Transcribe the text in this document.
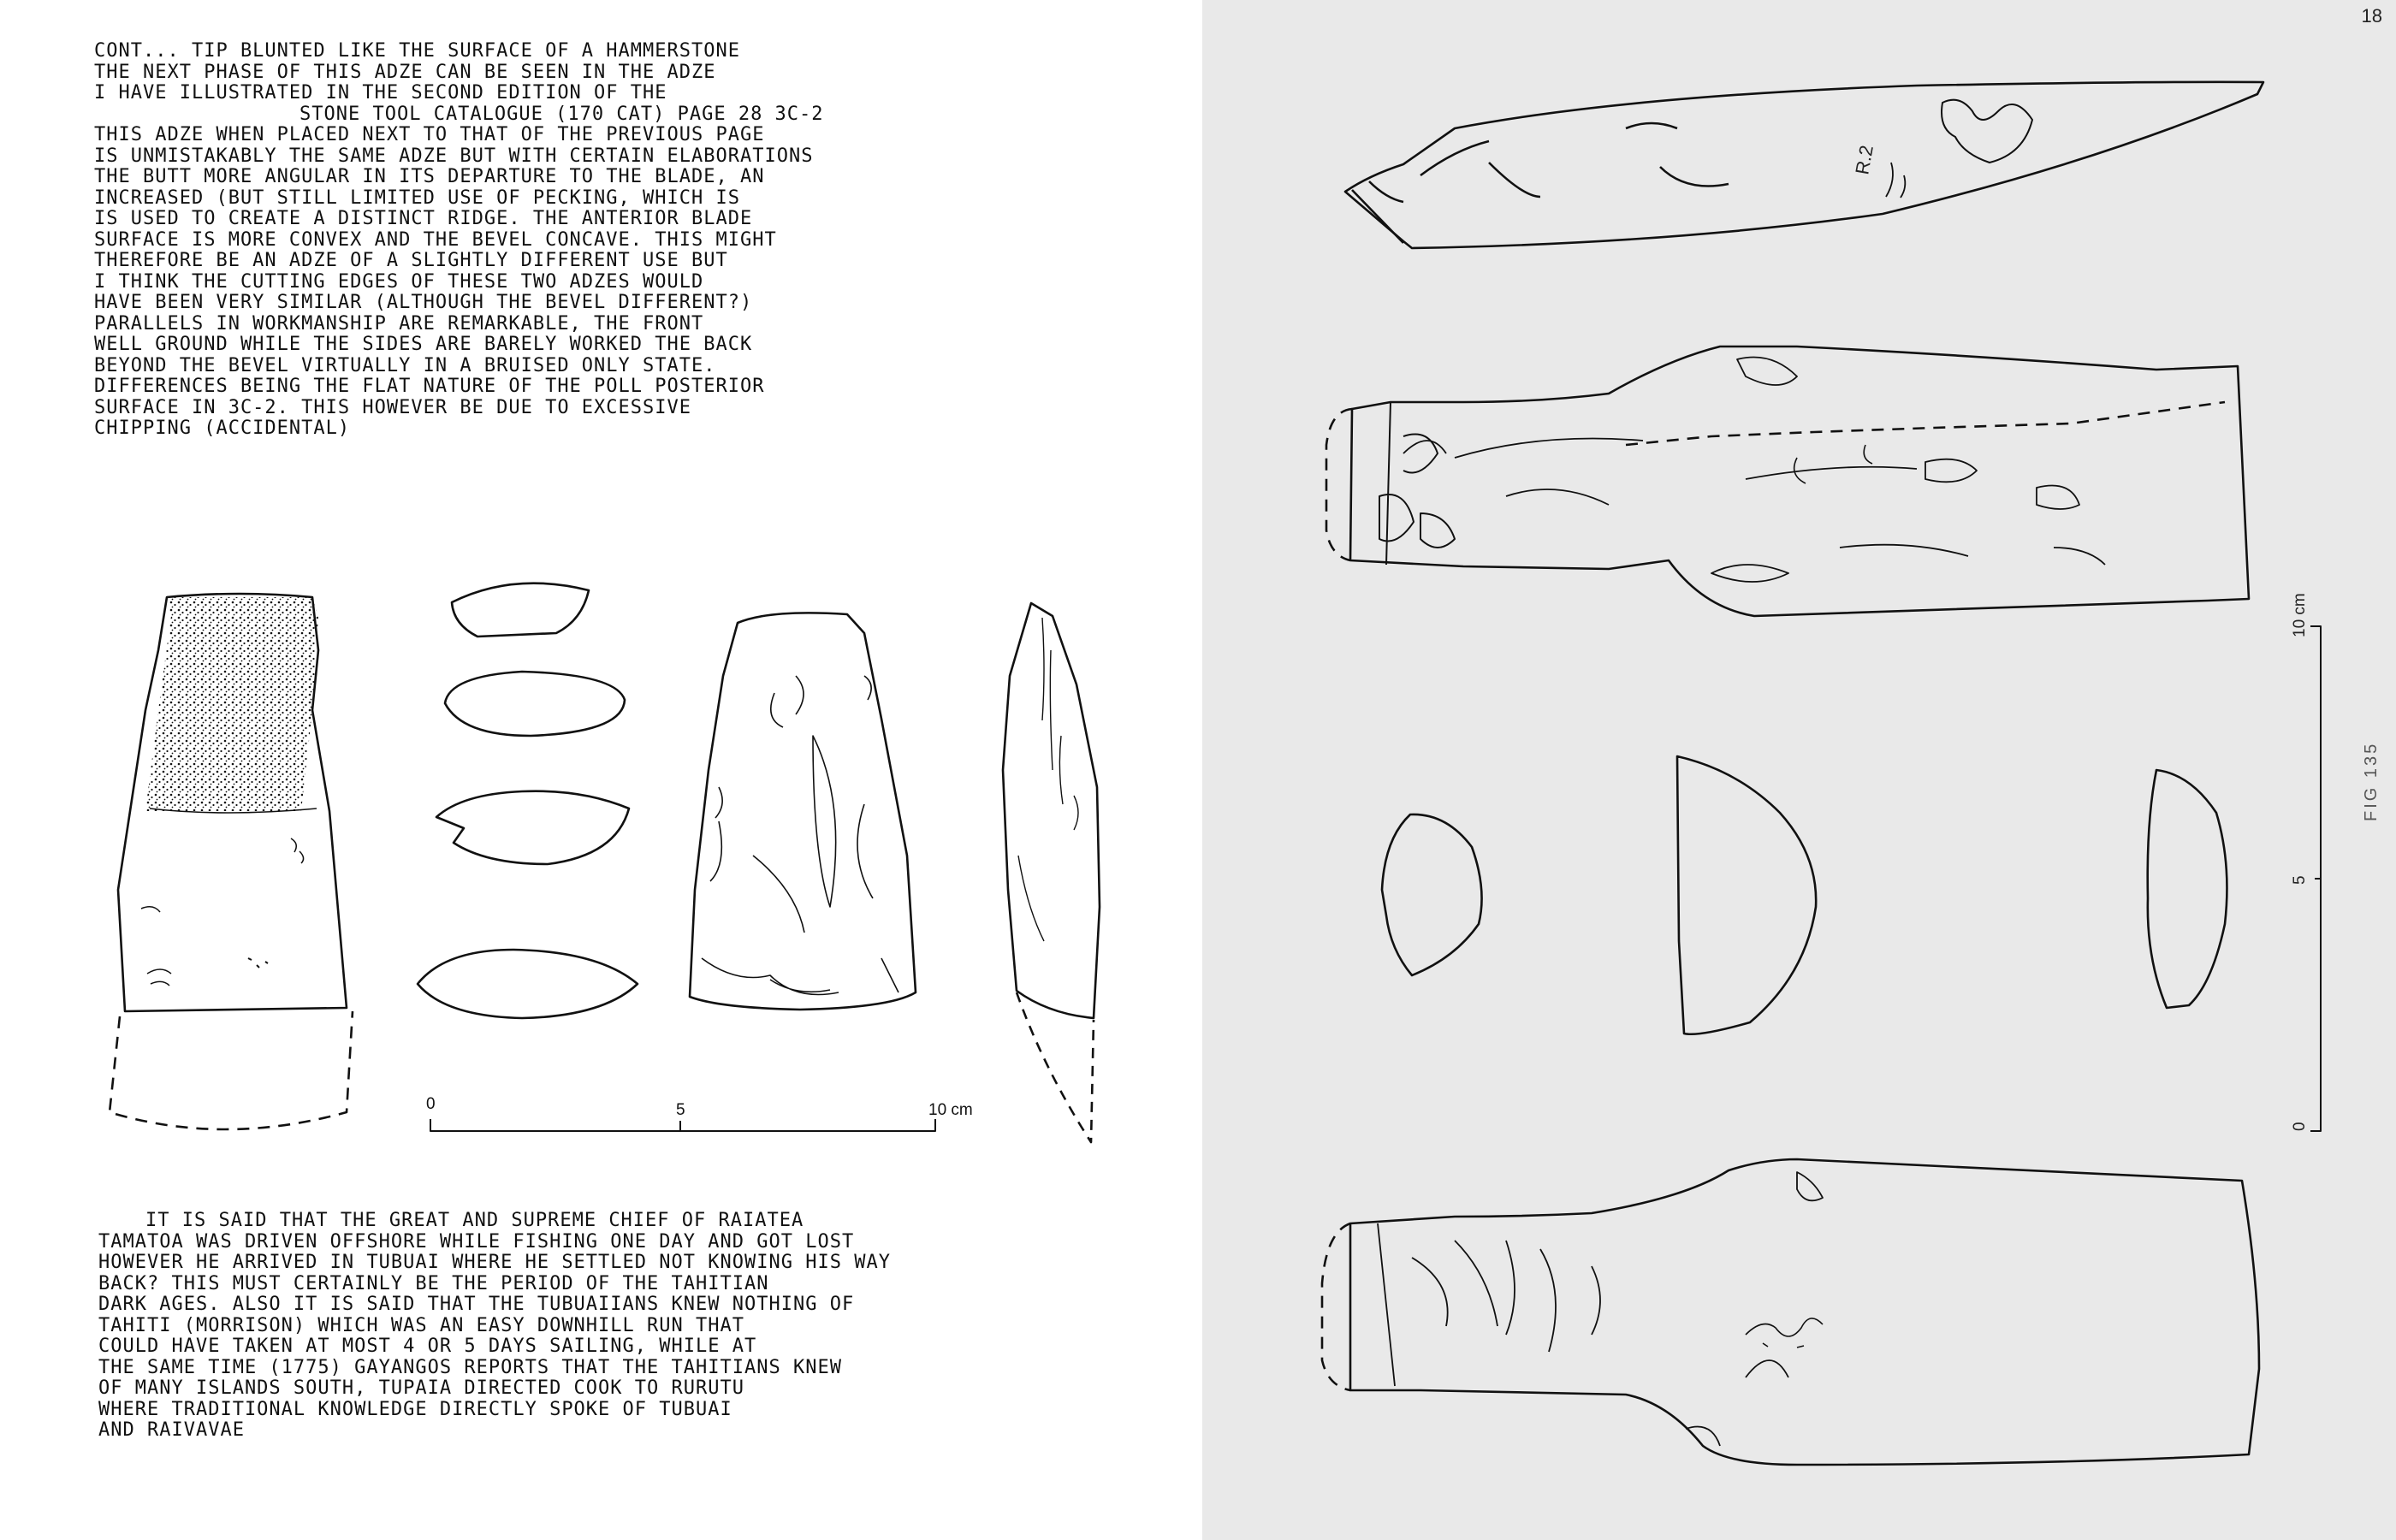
CONT... TIP BLUNTED LIKE THE SURFACE OF A HAMMERSTONE
THE NEXT PHASE OF THIS ADZE CAN BE SEEN IN THE ADZE
I HAVE ILLUSTRATED IN THE SECOND EDITION OF THE
STONE TOOL CATALOGUE (170 CAT) PAGE 28 3C-2
THIS ADZE WHEN PLACED NEXT TO THAT OF THE PREVIOUS PAGE
IS UNMISTAKABLY THE SAME ADZE BUT WITH CERTAIN ELABORATIONS
THE BUTT MORE ANGULAR IN ITS DEPARTURE TO THE BLADE, AN
INCREASED (BUT STILL LIMITED USE OF PECKING, WHICH IS
IS USED TO CREATE A DISTINCT RIDGE. THE ANTERIOR BLADE
SURFACE IS MORE CONVEX AND THE BEVEL CONCAVE. THIS MIGHT
THEREFORE BE AN ADZE OF A SLIGHTLY DIFFERENT USE BUT
I THINK THE CUTTING EDGES OF THESE TWO ADZES WOULD
HAVE BEEN VERY SIMILAR (ALTHOUGH THE BEVEL DIFFERENT?)
PARALLELS IN WORKMANSHIP ARE REMARKABLE, THE FRONT
WELL GROUND WHILE THE SIDES ARE BARELY WORKED THE BACK
BEYOND THE BEVEL VIRTUALLY IN A BRUISED ONLY STATE.
DIFFERENCES BEING THE FLAT NATURE OF THE POLL POSTERIOR
SURFACE IN 3C-2. THIS HOWEVER BE DUE TO EXCESSIVE
CHIPPING (ACCIDENTAL)
0	5	10 cm
IT IS SAID THAT THE GREAT AND SUPREME CHIEF OF RAIATEA
TAMATOA WAS DRIVEN OFFSHORE WHILE FISHING ONE DAY AND GOT LOST
HOWEVER HE ARRIVED IN TUBUAI WHERE HE SETTLED NOT KNOWING HIS WAY
BACK? THIS MUST CERTAINLY BE THE PERIOD OF THE TAHITIAN
DARK AGES. ALSO IT IS SAID THAT THE TUBUAIIANS KNEW NOTHING OF
TAHITI (MORRISON) WHICH WAS AN EASY DOWNHILL RUN THAT
COULD HAVE TAKEN AT MOST 4 OR 5 DAYS SAILING, WHILE AT
THE SAME TIME (1775) GAYANGOS REPORTS THAT THE TAHITIANS KNEW
OF MANY ISLANDS SOUTH, TUPAIA DIRECTED COOK TO RURUTU
WHERE TRADITIONAL KNOWLEDGE DIRECTLY SPOKE OF TUBUAI
AND RAIVAVAE
18
0
5
10 cm
FIG 135
R.2
